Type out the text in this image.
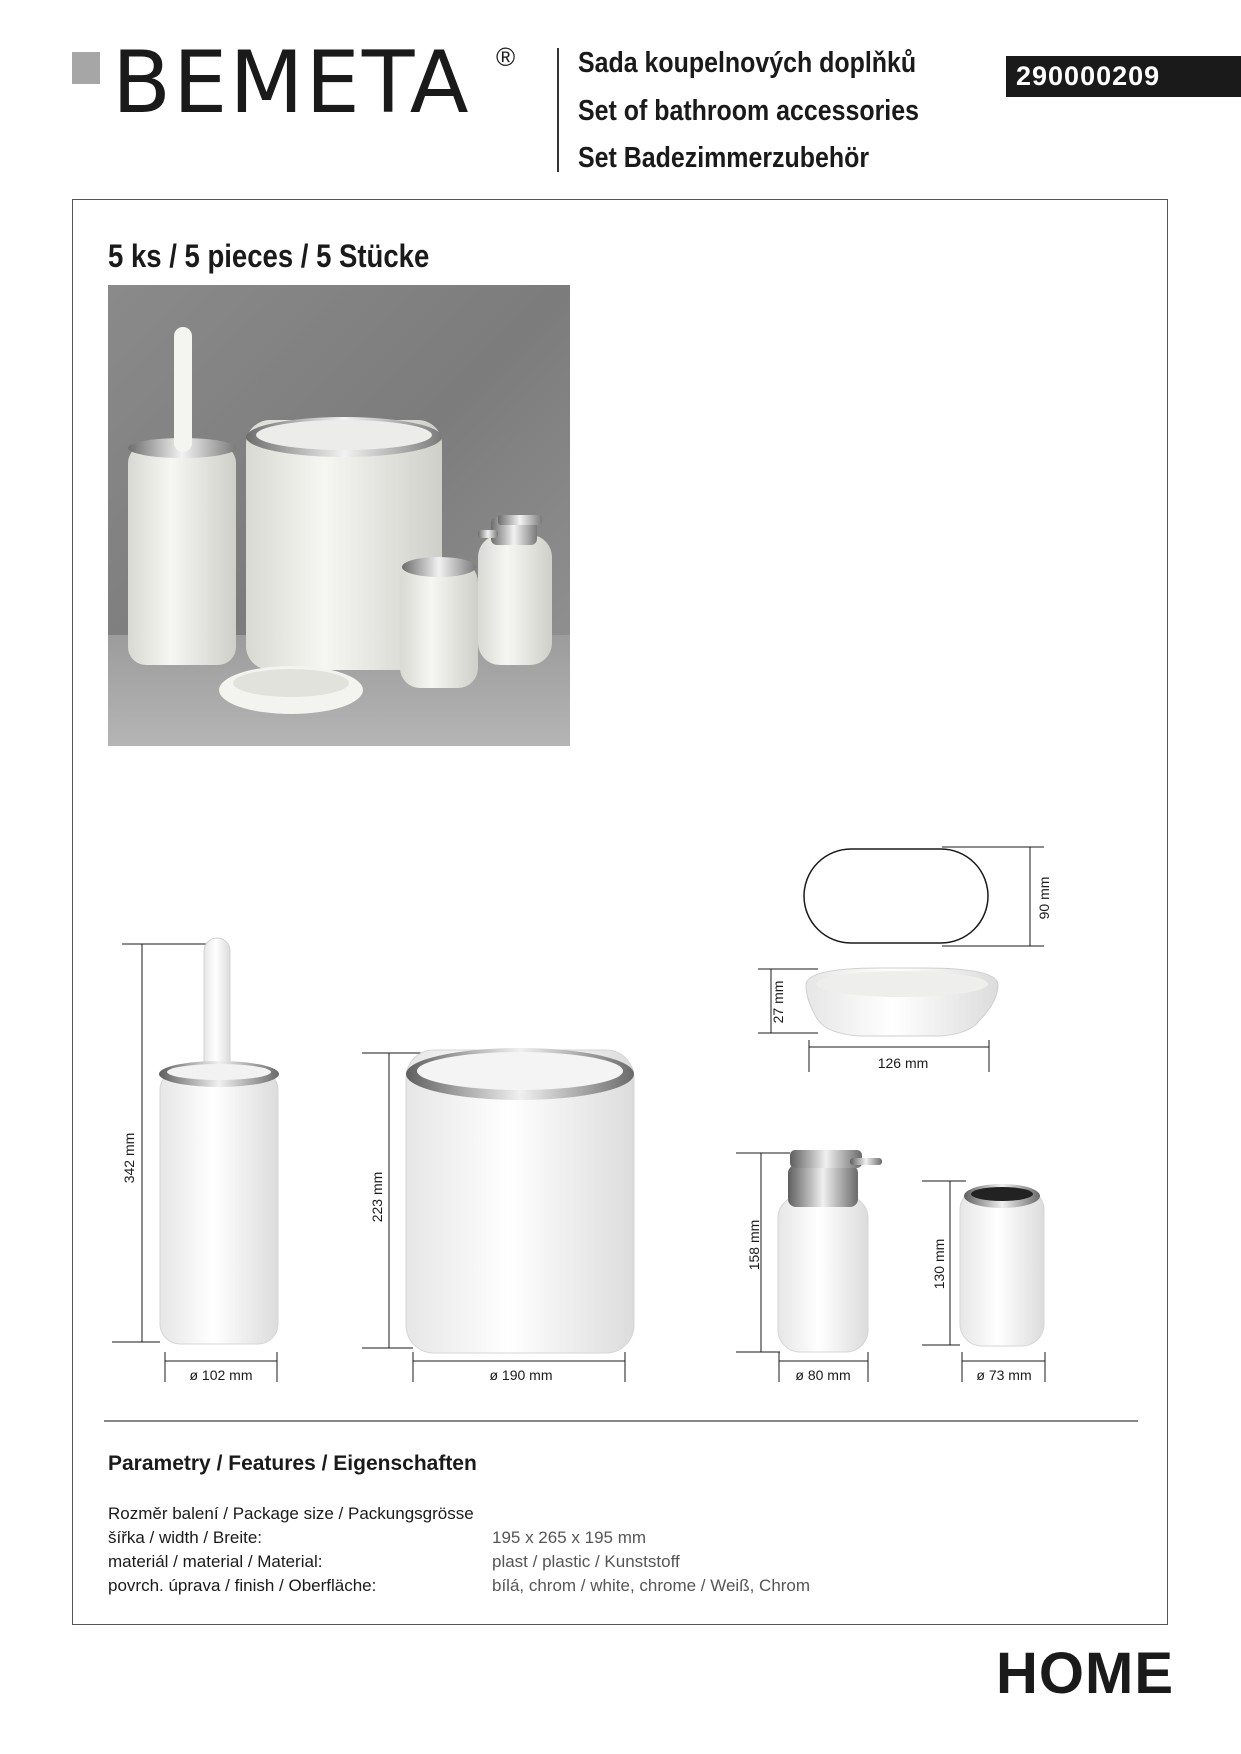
BEMETA ® Sada koupelnových doplňků
Set of bathroom accessories
Set Badezimmerzubehör
290000209
5 ks / 5 pieces / 5 Stücke
90 mm
27 mm
126 mm
342 mm
ø 102 mm
223 mm
ø 190 mm
158 mm
ø 80 mm
130 mm
ø 73 mm
Parametry / Features / Eigenschaften
Rozměr balení / Package size / Packungsgrösse
šířka / width / Breite:	195 x 265 x 195 mm
materiál / material / Material:	plast / plastic / Kunststoff
povrch. úprava / finish / Oberfläche:	bílá, chrom / white, chrome / Weiß, Chrom
HOME
